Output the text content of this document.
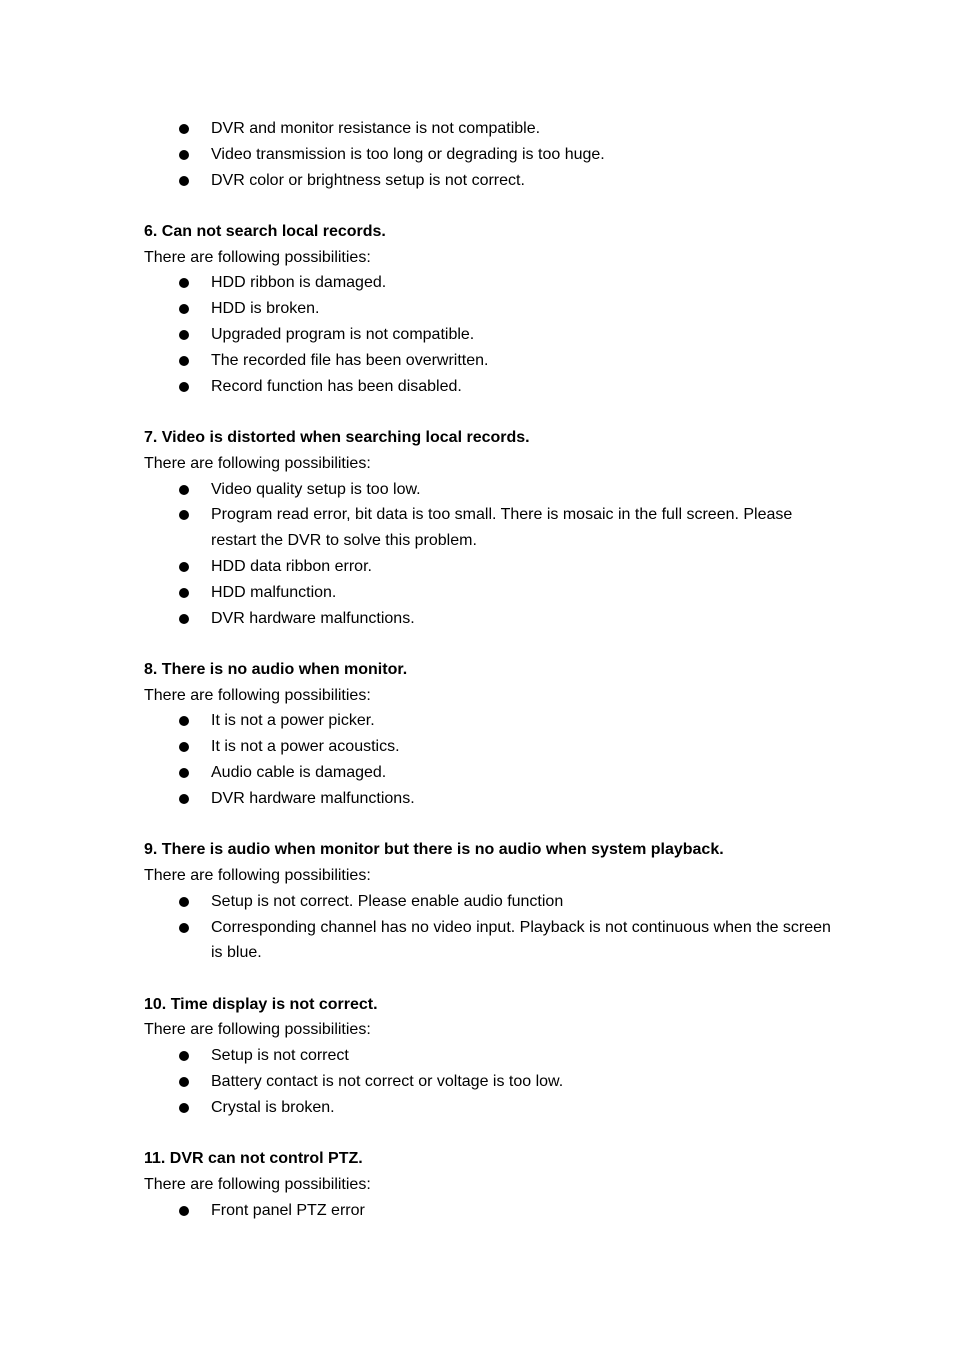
DVR and monitor resistance is not compatible.
Video transmission is too long or degrading is too huge.
DVR color or brightness setup is not correct.

6. Can not search local records.

There are following possibilities:

HDD ribbon is damaged.
HDD is broken.
Upgraded program is not compatible.
The recorded file has been overwritten.
Record function has been disabled.

7. Video is distorted when searching local records.

There are following possibilities:

Video quality setup is too low.
Program read error, bit data is too small. There is mosaic in the full screen. Please restart the DVR to solve this problem.
HDD data ribbon error.
HDD malfunction.
DVR hardware malfunctions.

8. There is no audio when monitor.

There are following possibilities:

It is not a power picker.
It is not a power acoustics.
Audio cable is damaged.
DVR hardware malfunctions.

9. There is audio when monitor but there is no audio when system playback.

There are following possibilities:

Setup is not correct. Please enable audio function
Corresponding channel has no video input. Playback is not continuous when the screen is blue.

10. Time display is not correct.

There are following possibilities:

Setup is not correct
Battery contact is not correct or voltage is too low.
Crystal is broken.

11. DVR can not control PTZ.

There are following possibilities:

Front panel PTZ error
